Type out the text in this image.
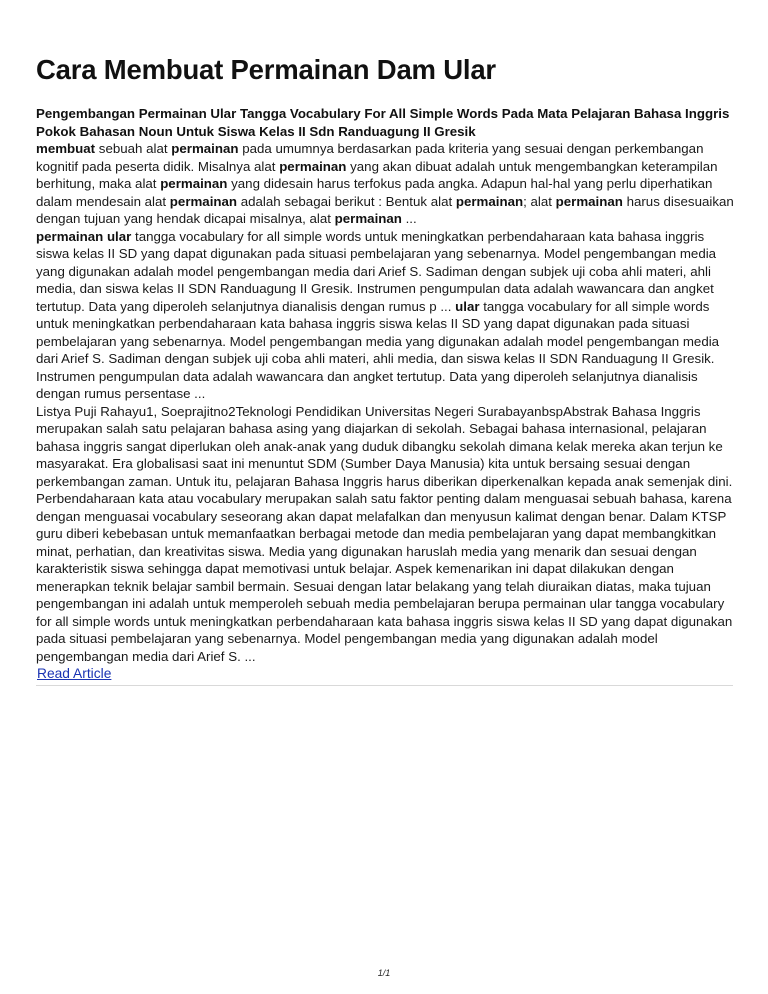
Cara Membuat Permainan Dam Ular
Pengembangan Permainan Ular Tangga Vocabulary For All Simple Words Pada Mata Pelajaran Bahasa Inggris Pokok Bahasan Noun Untuk Siswa Kelas II Sdn Randuagung II Gresik

membuat sebuah alat permainan pada umumnya berdasarkan pada kriteria yang sesuai dengan perkembangan kognitif pada peserta didik. Misalnya alat permainan yang akan dibuat adalah untuk mengembangkan keterampilan berhitung, maka alat permainan yang didesain harus terfokus pada angka. Adapun hal-hal yang perlu diperhatikan dalam mendesain alat permainan adalah sebagai berikut : Bentuk alat permainan; alat permainan harus disesuaikan dengan tujuan yang hendak dicapai misalnya, alat permainan ...

permainan ular tangga vocabulary for all simple words untuk meningkatkan perbendaharaan kata bahasa inggris siswa kelas II SD yang dapat digunakan pada situasi pembelajaran yang sebenarnya. Model pengembangan media yang digunakan adalah model pengembangan media dari Arief S. Sadiman dengan subjek uji coba ahli materi, ahli media, dan siswa kelas II SDN Randuagung II Gresik. Instrumen pengumpulan data adalah wawancara dan angket tertutup. Data yang diperoleh selanjutnya dianalisis dengan rumus p ... ular tangga vocabulary for all simple words untuk meningkatkan perbendaharaan kata bahasa inggris siswa kelas II SD yang dapat digunakan pada situasi pembelajaran yang sebenarnya. Model pengembangan media yang digunakan adalah model pengembangan media dari Arief S. Sadiman dengan subjek uji coba ahli materi, ahli media, dan siswa kelas II SDN Randuagung II Gresik. Instrumen pengumpulan data adalah wawancara dan angket tertutup. Data yang diperoleh selanjutnya dianalisis dengan rumus persentase ...

Listya Puji Rahayu1, Soeprajitno2Teknologi Pendidikan Universitas Negeri SurabayanbspAbstrak Bahasa Inggris merupakan salah satu pelajaran bahasa asing yang diajarkan di sekolah. Sebagai bahasa internasional, pelajaran bahasa inggris sangat diperlukan oleh anak-anak yang duduk dibangku sekolah dimana kelak mereka akan terjun ke masyarakat. Era globalisasi saat ini menuntut SDM (Sumber Daya Manusia) kita untuk bersaing sesuai dengan perkembangan zaman. Untuk itu, pelajaran Bahasa Inggris harus diberikan diperkenalkan kepada anak semenjak dini. Perbendaharaan kata atau vocabulary merupakan salah satu faktor penting dalam menguasai sebuah bahasa, karena dengan menguasai vocabulary seseorang akan dapat melafalkan dan menyusun kalimat dengan benar. Dalam KTSP guru diberi kebebasan untuk memanfaatkan berbagai metode dan media pembelajaran yang dapat membangkitkan minat, perhatian, dan kreativitas siswa. Media yang digunakan haruslah media yang menarik dan sesuai dengan karakteristik siswa sehingga dapat memotivasi untuk belajar. Aspek kemenarikan ini dapat dilakukan dengan menerapkan teknik belajar sambil bermain. Sesuai dengan latar belakang yang telah diuraikan diatas, maka tujuan pengembangan ini adalah untuk memperoleh sebuah media pembelajaran berupa permainan ular tangga vocabulary for all simple words untuk meningkatkan perbendaharaan kata bahasa inggris siswa kelas II SD yang dapat digunakan pada situasi pembelajaran yang sebenarnya. Model pengembangan media yang digunakan adalah model pengembangan media dari Arief S. ...

Read Article
1/1
